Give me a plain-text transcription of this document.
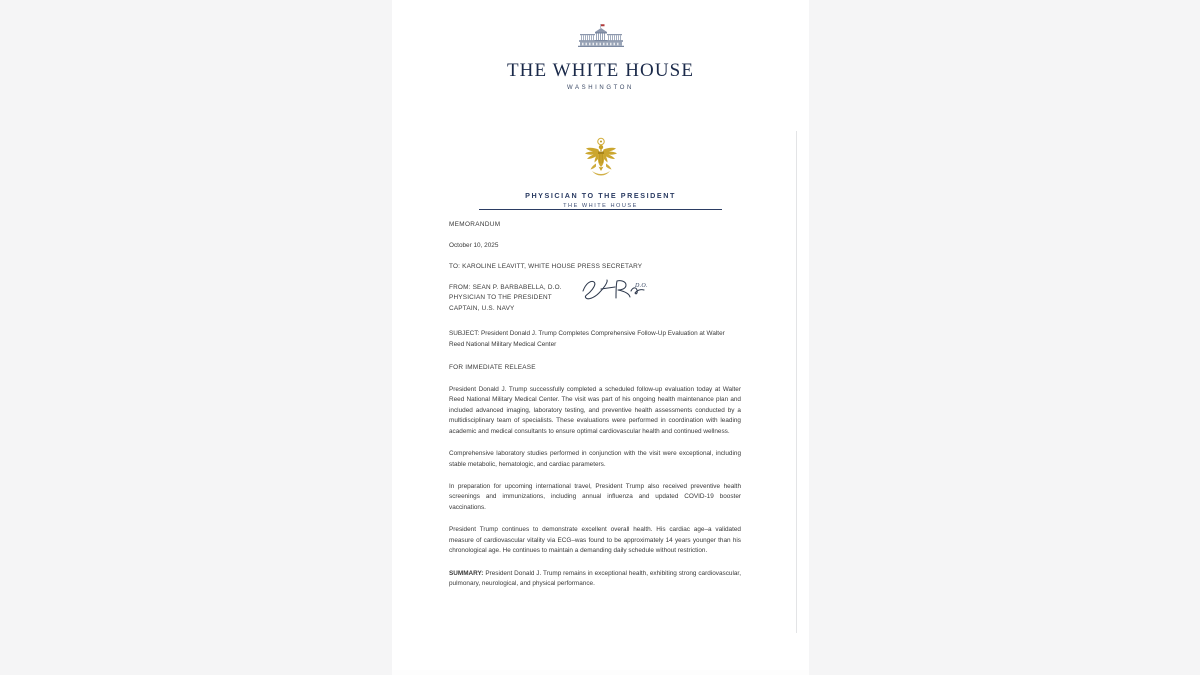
THE WHITE HOUSE
WASHINGTON
PHYSICIAN TO THE PRESIDENT
THE WHITE HOUSE
MEMORANDUM
October 10, 2025
TO: KAROLINE LEAVITT, WHITE HOUSE PRESS SECRETARY
FROM: SEAN P. BARBABELLA, D.O.
PHYSICIAN TO THE PRESIDENT
CAPTAIN, U.S. NAVY
D.O.
SUBJECT: President Donald J. Trump Completes Comprehensive Follow-Up Evaluation at Walter Reed National Military Medical Center
FOR IMMEDIATE RELEASE
President Donald J. Trump successfully completed a scheduled follow-up evaluation today at Walter Reed National Military Medical Center. The visit was part of his ongoing health maintenance plan and included advanced imaging, laboratory testing, and preventive health assessments conducted by a multidisciplinary team of specialists. These evaluations were performed in coordination with leading academic and medical consultants to ensure optimal cardiovascular health and continued wellness.
Comprehensive laboratory studies performed in conjunction with the visit were exceptional, including stable metabolic, hematologic, and cardiac parameters.
In preparation for upcoming international travel, President Trump also received preventive health screenings and immunizations, including annual influenza and updated COVID-19 booster vaccinations.
President Trump continues to demonstrate excellent overall health. His cardiac age–a validated measure of cardiovascular vitality via ECG–was found to be approximately 14 years younger than his chronological age. He continues to maintain a demanding daily schedule without restriction.
SUMMARY: President Donald J. Trump remains in exceptional health, exhibiting strong cardiovascular, pulmonary, neurological, and physical performance.
